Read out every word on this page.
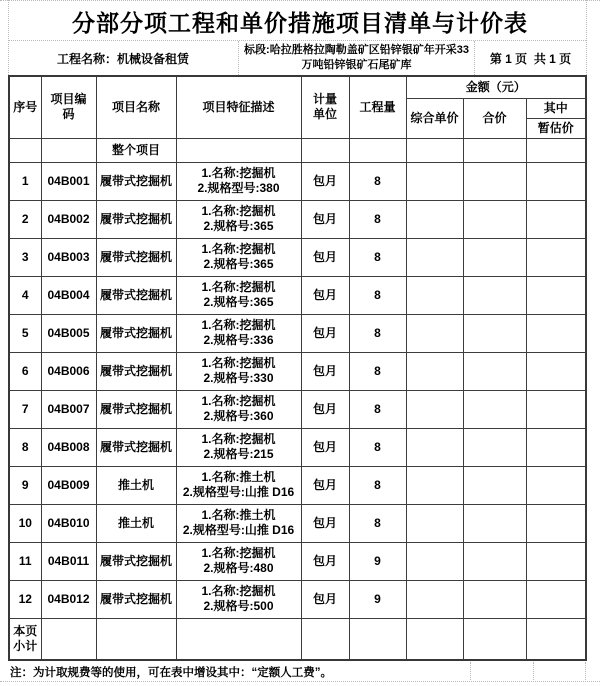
分部分项工程和单价措施项目清单与计价表
工程名称：机械设备租赁
标段:哈拉胜格拉陶勒盖矿区铅锌银矿年开采33万吨铅锌银矿石尾矿库	第 1 页  共 1 页
序号	项目编码	项目名称	项目特征描述	计量单位	工程量	金额（元）		
						综合单价	合价	其中
								暂估价
		整个项目						
1	04B001	履带式挖掘机	1.名称:挖掘机
2.规格型号:380	包月	8			
2	04B002	履带式挖掘机	1.名称:挖掘机
2.规格号:365	包月	8			
3	04B003	履带式挖掘机	1.名称:挖掘机
2.规格号:365	包月	8			
4	04B004	履带式挖掘机	1.名称:挖掘机
2.规格号:365	包月	8			
5	04B005	履带式挖掘机	1.名称:挖掘机
2.规格号:336	包月	8			
6	04B006	履带式挖掘机	1.名称:挖掘机
2.规格号:330	包月	8			
7	04B007	履带式挖掘机	1.名称:挖掘机
2.规格号:360	包月	8			
8	04B008	履带式挖掘机	1.名称:挖掘机
2.规格号:215	包月	8			
9	04B009	推土机	1.名称:推土机
2.规格型号:山推 D16	包月	8			
10	04B010	推土机	1.名称:推土机
2.规格型号:山推 D16	包月	8			
11	04B011	履带式挖掘机	1.名称:挖掘机
2.规格号:480	包月	9			
12	04B012	履带式挖掘机	1.名称:挖掘机
2.规格号:500	包月	9			
本页小计								
注：为计取规费等的使用，可在表中增设其中：“定额人工费”。
